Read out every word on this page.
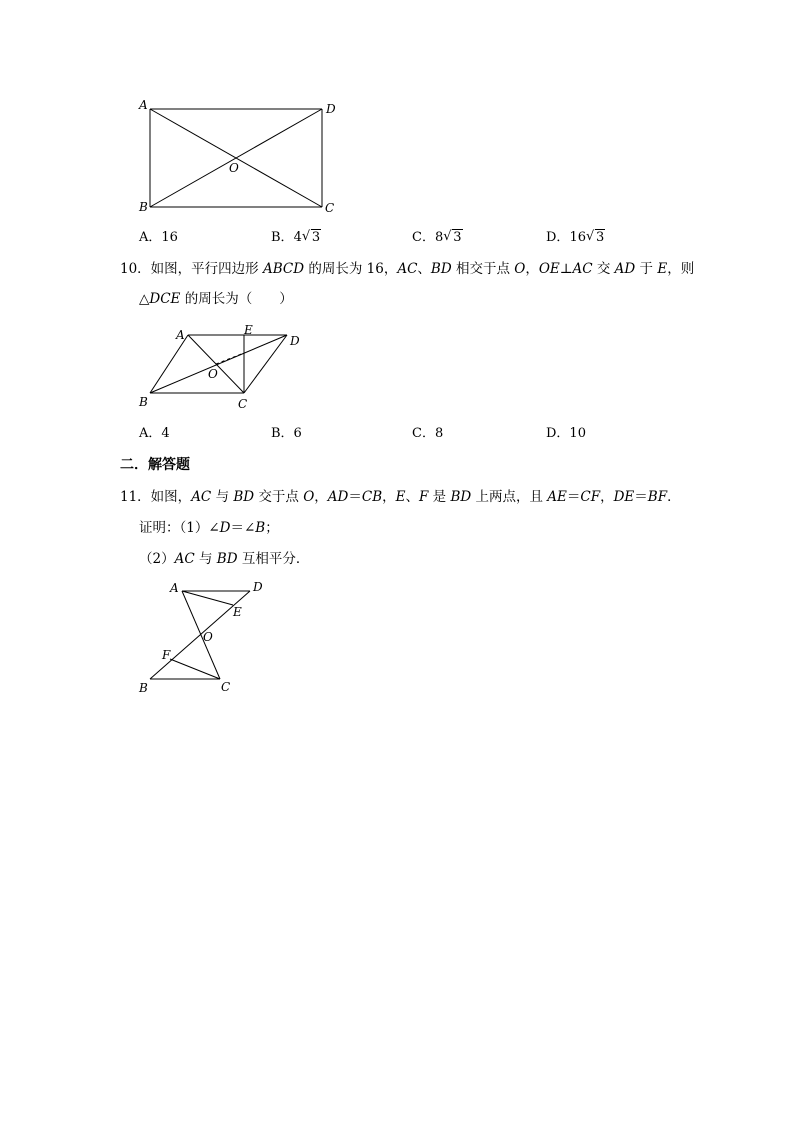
A	D
O
B	C
A．16	B．4 √ 3	C．8 √ 3	D．16 √ 3
10．如图，平行四边形 ABCD 的周长为 16，AC、BD 相交于点 O，OE⊥AC 交 AD 于 E，则
△DCE 的周长为（　　）
A	E
D
O
B	C
A．4	B．6	C．8	D．10
二．解答题
11．如图，AC 与 BD 交于点 O，AD＝CB，E、F 是 BD 上两点，且 AE＝CF，DE＝BF．
证明：（1）∠D＝∠B；
（2）AC 与 BD 互相平分．
A	D
E
O
F
B	C
